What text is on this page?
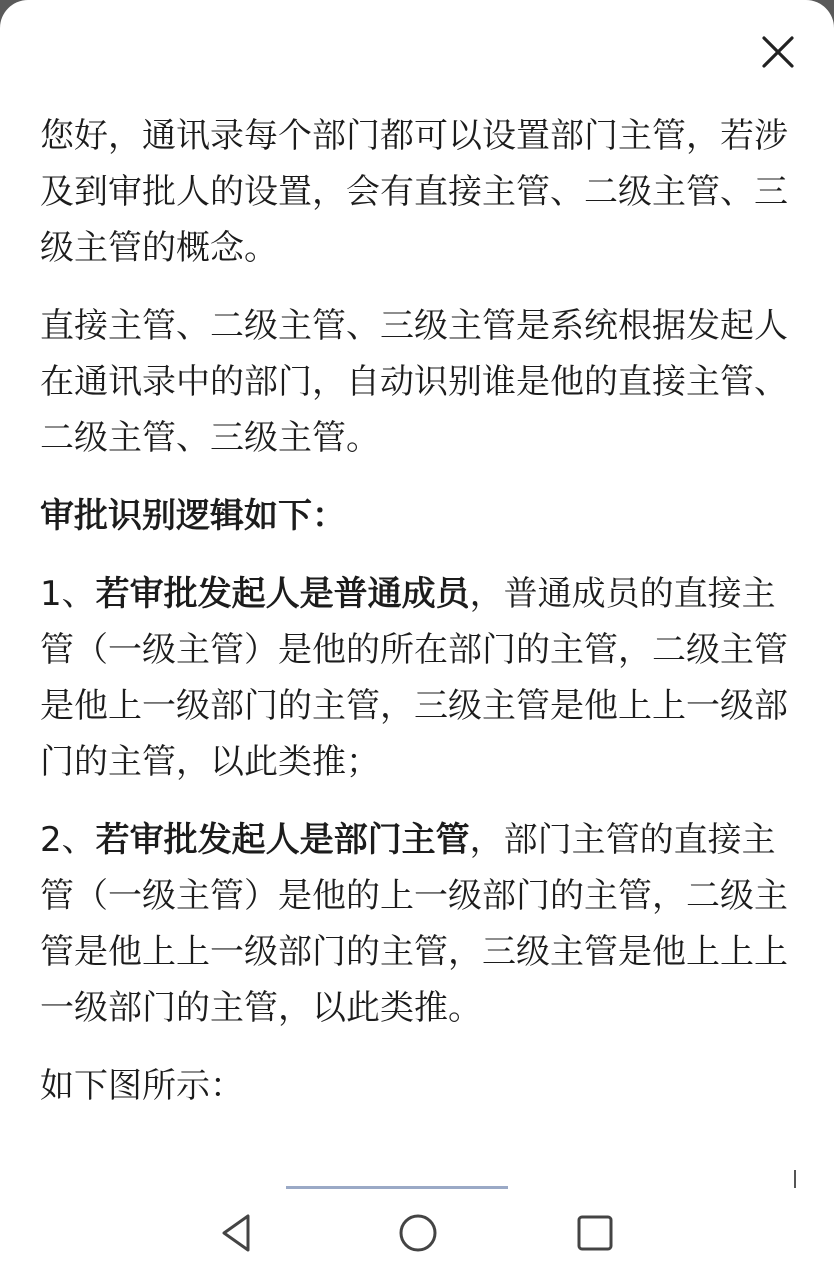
您好，通讯录每个部门都可以设置部门主管，若涉及到审批人的设置，会有直接主管、二级主管、三级主管的概念。

直接主管、二级主管、三级主管是系统根据发起人在通讯录中的部门，自动识别谁是他的直接主管、二级主管、三级主管。

审批识别逻辑如下：

1、若审批发起人是普通成员，普通成员的直接主管（一级主管）是他的所在部门的主管，二级主管是他上一级部门的主管，三级主管是他上上一级部门的主管，以此类推；

2、若审批发起人是部门主管，部门主管的直接主管（一级主管）是他的上一级部门的主管，二级主管是他上上一级部门的主管，三级主管是他上上上一级部门的主管，以此类推。

如下图所示：
